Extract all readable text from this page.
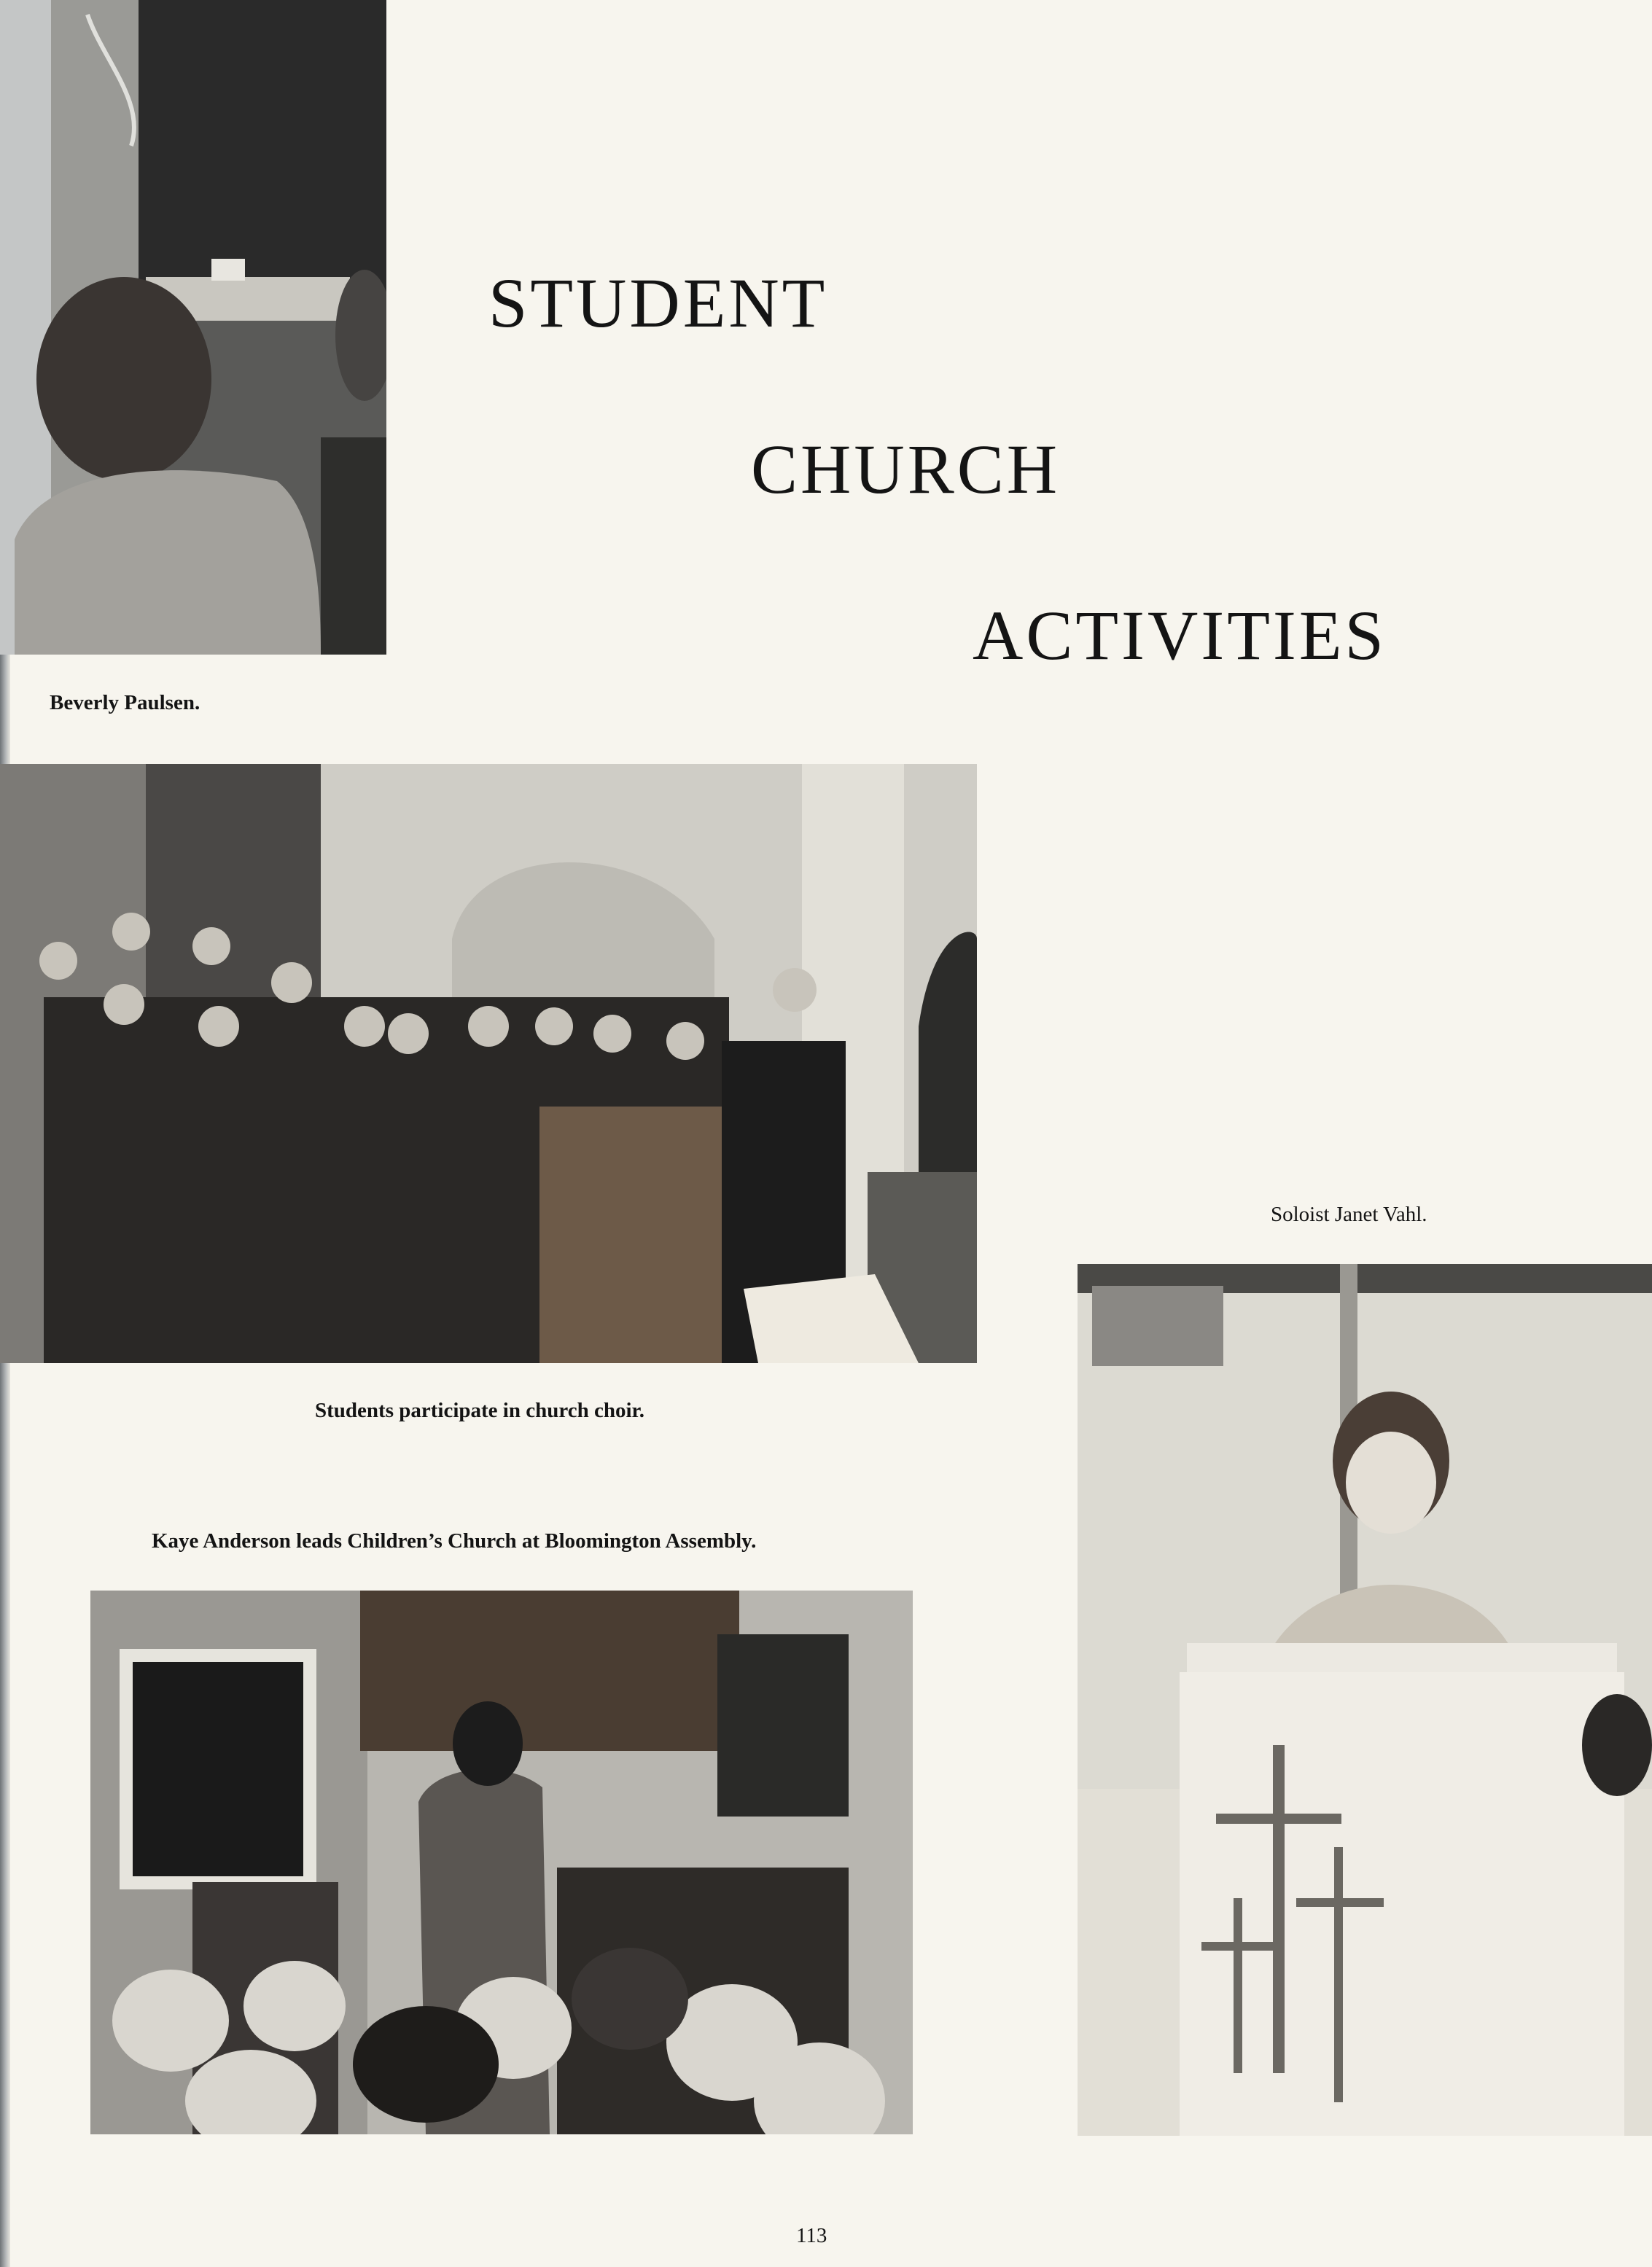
STUDENT
CHURCH
ACTIVITIES
Beverly Paulsen.
Students participate in church choir.
Kaye Anderson leads Children’s Church at Bloomington Assembly.
Soloist Janet Vahl.
113
